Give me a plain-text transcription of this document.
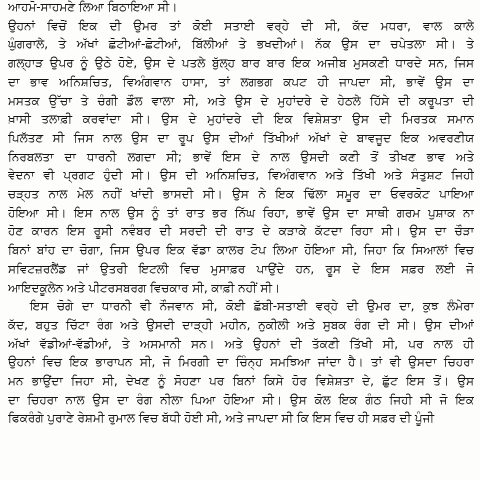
ਆਹਮੋ-ਸਾਹਮਣੇ ਲਿਆ ਬਿਠਾਇਆ ਸੀ।
ਉਹਨਾਂ ਵਿਚੋਂ ਇਕ ਦੀ ਉਮਰ ਤਾਂ ਕੋਈ ਸਤਾਈ ਵਰ੍ਹੇ ਦੀ ਸੀ, ਕੱਦ ਮਧਰਾ, ਵਾਲ ਕਾਲੇ
ਘੁੰਗਰਾਲੇ, ਤੇ ਅੱਖਾਂ ਛੋਟੀਆਂ-ਛੋਟੀਆਂ, ਬਿੱਲੀਆਂ ਤੇ ਭਖਦੀਆਂ। ਨੱਕ ਉਸ ਦਾ ਚਪੇਤਲਾ ਸੀ। ਤੇ
ਗਲ੍ਹਾੜ ਉਪਰ ਨੂੰ ਉਠੇ ਹੋਏ, ਉਸ ਦੇ ਪਤਲੇ ਬੁੱਲ੍ਹ ਬਾਰ ਬਾਰ ਇਕ ਅਜੀਬ ਮੁਸਕਣੀ ਧਾਰਦੇ ਸਨ, ਜਿਸ
ਦਾ ਭਾਵ ਅਨਿਸ਼ਚਿਤ, ਵਿਅੰਗਵਾਨ ਹਾਸਾ, ਤਾਂ ਲਗਭਗ ਕਪਟ ਹੀ ਜਾਪਦਾ ਸੀ, ਭਾਵੇਂ ਉਸ ਦਾ
ਮਸਤਕ ਉੱਚਾ ਤੇ ਚੰਗੀ ਡੌਲ ਵਾਲਾ ਸੀ, ਅਤੇ ਉਸ ਦੇ ਮੁਹਾਂਦਰੇ ਦੇ ਹੇਠਲੇ ਹਿੱਸੇ ਦੀ ਕਰੂਪਤਾ ਦੀ
ਖ਼ਾਸੀ ਤਲਾਫ਼ੀ ਕਰਵਾਂਦਾ ਸੀ। ਉਸ ਦੇ ਮੁਹਾਂਦਰੇ ਦੀ ਇਕ ਵਿਸ਼ੇਸ਼ਤਾ ਉਸ ਦੀ ਮਿਰਤਕ ਸਮਾਨ
ਪਿਲੱਤਣ ਸੀ ਜਿਸ ਨਾਲ ਉਸ ਦਾ ਰੂਪ ਉਸ ਦੀਆਂ ਤਿੱਖੀਆਂ ਅੱਖਾਂ ਦੇ ਬਾਵਜੂਦ ਇਕ ਅਵਰਣੀਯ
ਨਿਰਬਲਤਾ ਦਾ ਧਾਰਨੀ ਲਗਦਾ ਸੀ; ਭਾਵੇਂ ਇਸ ਦੇ ਨਾਲ ਉਸਦੀ ਕਣੀ ਤੋਂ ਤੀਖਣ ਭਾਵ ਅਤੇ
ਵੇਦਨਾ ਵੀ ਪ੍ਰਗਟ ਹੁੰਦੀ ਸੀ। ਉਸ ਦੀ ਅਨਿਸ਼ਚਿਤ, ਵਿਅੰਗਵਾਨ ਅਤੇ ਤਿੱਖੀ ਅਤੇ ਸੰਤੁਸ਼ਟ ਜਿਹੀ
ਚੜ੍ਹਤ ਨਾਲ ਮੇਲ ਨਹੀਂ ਖਾਂਦੀ ਭਾਸਦੀ ਸੀ। ਉਸ ਨੇ ਇਕ ਢਿੱਲਾ ਸਮੂਰ ਦਾ ਓਵਰਕੋਟ ਪਾਇਆ
ਹੋਇਆ ਸੀ। ਇਸ ਨਾਲ ਉਸ ਨੂੰ ਤਾਂ ਰਾਤ ਭਰ ਨਿੱਘ ਰਿਹਾ, ਭਾਵੇਂ ਉਸ ਦਾ ਸਾਥੀ ਗਰਮ ਪੁਸ਼ਾਕ ਨਾ
ਹੋਣ ਕਾਰਨ ਇਸ ਰੂਸੀ ਨਵੰਬਰ ਦੀ ਸਰਦੀ ਦੀ ਰਾਤ ਦੇ ਕੜਾਕੇ ਕੱਟਦਾ ਰਿਹਾ ਸੀ। ਉਸ ਦਾ ਚੌੜਾ
ਬਿਨਾਂ ਬਾਂਹ ਦਾ ਚੋਗਾ, ਜਿਸ ਉਪਰ ਇਕ ਵੱਡਾ ਕਾਲਰ ਟੋਪ ਲਿਆ ਹੋਇਆ ਸੀ, ਜਿਹਾ ਕਿ ਸਿਆਲਾਂ ਵਿਚ
ਸਵਿਟਜ਼ਰਲੈਂਡ ਜਾਂ ਉਤਰੀ ਇਟਲੀ ਵਿਚ ਮੁਸਾਫ਼ਰ ਪਾਉਂਦੇ ਹਨ, ਰੂਸ ਦੇ ਇਸ ਸਫ਼ਰ ਲਈ ਜੋ
ਆਇਦਕੂਲੇਨ ਅਤੇ ਪੀਟਰਸਬਰਗ ਵਿਚਕਾਰ ਸੀ, ਕਾਫ਼ੀ ਨਹੀਂ ਸੀ।
ਇਸ ਚੋਗੇ ਦਾ ਧਾਰਨੀ ਵੀ ਨੌਜਵਾਨ ਸੀ, ਕੋਈ ਛੱਬੀ-ਸਤਾਈ ਵਰ੍ਹੇ ਦੀ ਉਮਰ ਦਾ, ਕੁਝ ਲੰਮੇਰਾ
ਕੱਦ, ਬਹੁਤ ਚਿੱਟਾ ਰੰਗ ਅਤੇ ਉਸਦੀ ਦਾੜ੍ਹੀ ਮਹੀਨ, ਨੁਕੀਲੀ ਅਤੇ ਸੁਬਕ ਰੰਗ ਦੀ ਸੀ। ਉਸ ਦੀਆਂ
ਅੱਖਾਂ ਵੱਡੀਆਂ-ਵੱਡੀਆਂ, ਤੇ ਅਸਮਾਨੀ ਸਨ। ਅਤੇ ਉਹਨਾਂ ਦੀ ਤੱਕਣੀ ਤਿੱਖੀ ਸੀ, ਪਰ ਨਾਲ ਹੀ
ਉਹਨਾਂ ਵਿਚ ਇਕ ਭਾਰਾਪਨ ਸੀ, ਜੋ ਮਿਰਗੀ ਦਾ ਚਿੰਨ੍ਹ ਸਮਝਿਆ ਜਾਂਦਾ ਹੈ। ਤਾਂ ਵੀ ਉਸਦਾ ਚਿਹਰਾ
ਮਨ ਭਾਉਂਦਾ ਜਿਹਾ ਸੀ, ਦੇਖਣ ਨੂੰ ਸੋਹਣਾ ਪਰ ਬਿਨਾਂ ਕਿਸੇ ਹੋਰ ਵਿਸ਼ੇਸ਼ਤਾ ਦੇ, ਛੁੱਟ ਇਸ ਤੋਂ। ਉਸ
ਦਾ ਚਿਹਰਾ ਨਾਲ ਉਸ ਦਾ ਰੰਗ ਨੀਲਾ ਪਿਆ ਹੋਇਆ ਸੀ। ਉਸ ਕੋਲ ਇਕ ਗੰਠ ਜਿਹੀ ਸੀ ਜੋ ਇਕ
ਫਿਕਰੰਗੇ ਪੁਰਾਣੇ ਰੇਸ਼ਮੀ ਰੁਮਾਲ ਵਿਚ ਬੱਧੀ ਹੋਈ ਸੀ, ਅਤੇ ਜਾਪਦਾ ਸੀ ਕਿ ਇਸ ਵਿਚ ਹੀ ਸਫ਼ਰ ਦੀ ਪੂੰਜੀ
